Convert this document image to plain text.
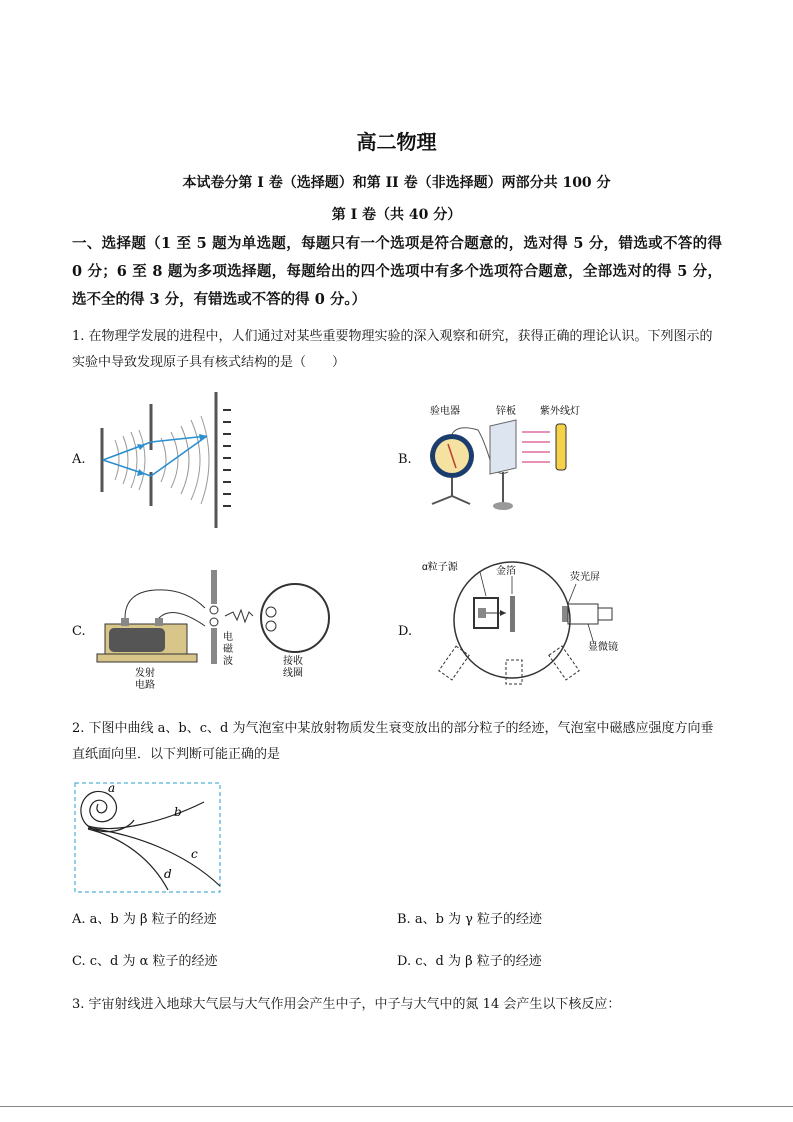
高二物理
本试卷分第 I 卷（选择题）和第 II 卷（非选择题）两部分共 100 分
第 I 卷（共 40 分）
一、选择题（1 至 5 题为单选题，每题只有一个选项是符合题意的，选对得 5 分，错选或不答的得 0 分；6 至 8 题为多项选择题，每题给出的四个选项中有多个选项符合题意，全部选对的得 5 分，选不全的得 3 分，有错选或不答的得 0 分。）
1. 在物理学发展的进程中，人们通过对某些重要物理实验的深入观察和研究，获得正确的理论认识。下列图示的实验中导致发现原子具有核式结构的是（　　）
A.	B.
C.	D.
验电器	锌板 紫外线灯
发射
电路
电
磁
波	接收
线圈
α粒子源	金箔
荧光屏
显微镜
2. 下图中曲线 a、b、c、d 为气泡室中某放射物质发生衰变放出的部分粒子的经迹，气泡室中磁感应强度方向垂直纸面向里．以下判断可能正确的是
a
b
c
d
A. a、b 为 β 粒子的经迹	B. a、b 为 γ 粒子的经迹
C. c、d 为 α 粒子的经迹	D. c、d 为 β 粒子的经迹
3. 宇宙射线进入地球大气层与大气作用会产生中子，中子与大气中的氮 14 会产生以下核反应：
